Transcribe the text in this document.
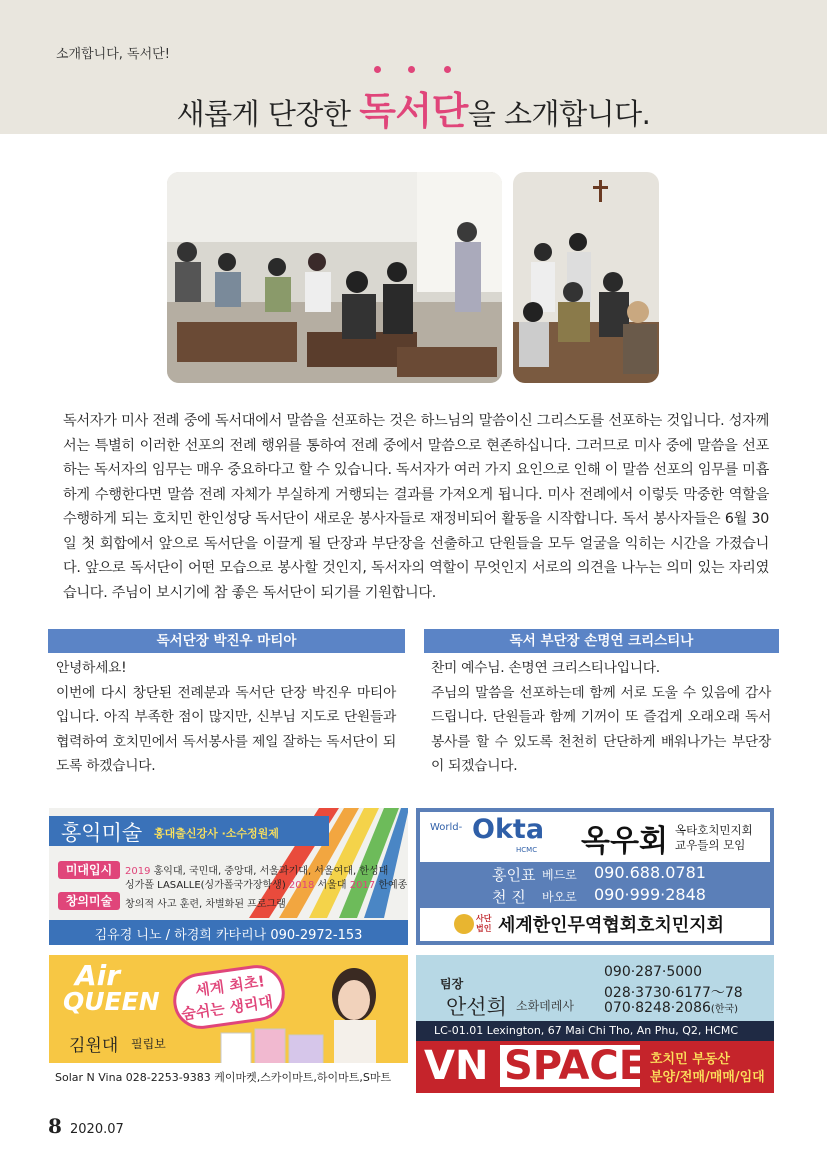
소개합니다, 독서단!
새롭게 단장한 독서단을 소개합니다.
독서자가 미사 전례 중에 독서대에서 말씀을 선포하는 것은 하느님의 말씀이신 그리스도를 선포하는 것입니다. 성자께서는 특별히 이러한 선포의 전례 행위를 통하여 전례 중에서 말씀으로 현존하십니다. 그러므로 미사 중에 말씀을 선포하는 독서자의 임무는 매우 중요하다고 할 수 있습니다. 독서자가 여러 가지 요인으로 인해 이 말씀 선포의 임무를 미흡하게 수행한다면 말씀 전례 자체가 부실하게 거행되는 결과를 가져오게 됩니다. 미사 전례에서 이렇듯 막중한 역할을 수행하게 되는 호치민 한인성당 독서단이 새로운 봉사자들로 재정비되어 활동을 시작합니다. 독서 봉사자들은 6월 30일 첫 회합에서 앞으로 독서단을 이끌게 될 단장과 부단장을 선출하고 단원들을 모두 얼굴을 익히는 시간을 가졌습니다. 앞으로 독서단이 어떤 모습으로 봉사할 것인지, 독서자의 역할이 무엇인지 서로의 의견을 나누는 의미 있는 자리였습니다. 주님이 보시기에 참 좋은 독서단이 되기를 기원합니다.
독서단장 박진우 마티아
안녕하세요!
이번에 다시 창단된 전례분과 독서단 단장 박진우 마티아입니다. 아직 부족한 점이 많지만, 신부님 지도로 단원들과 협력하여 호치민에서 독서봉사를 제일 잘하는 독서단이 되도록 하겠습니다.
독서 부단장 손명연 크리스티나
찬미 예수님. 손명연 크리스티나입니다.
주님의 말씀을 선포하는데 함께 서로 도울 수 있음에 감사드립니다. 단원들과 함께 기꺼이 또 즐겁게 오래오래 독서봉사를 할 수 있도록 천천히 단단하게 배워나가는 부단장이 되겠습니다.
홍익미술 홍대출신강사 ·소수정원제
미대입시	2019 홍익대, 국민대, 중앙대, 서울과기대, 서울여대, 한성대
싱가폴 LASALLE(싱가폴국가장학생) 2018 서울대 2017 한예종
창의미술	창의적 사고 훈련, 차별화된 프로그램
김유경 니노 / 하경희 카타리나 090-2972-153
World- Okta
HCMC 옥우회 옥타호치민지회
교우들의 모임
홍인표 베드로 090.688.0781
천 진 바오로 090·999·2848
사단
법인 세계한인무역협회호치민지회
Air
QUEEN
세계 최초!
숨쉬는 생리대
김원대 필립보
Solar N Vina 028-2253-9383 케이마켓,스카이마트,하이마트,S마트
팀장
안선희 소화데레사
090·287·5000
028·3730·6177～78
070·8248·2086(한국)
LC-01.01 Lexington, 67 Mai Chi Tho, An Phu, Q2, HCMC
VN SPACE 호치민 부동산
분양/전매/매매/임대
8 2020.07
